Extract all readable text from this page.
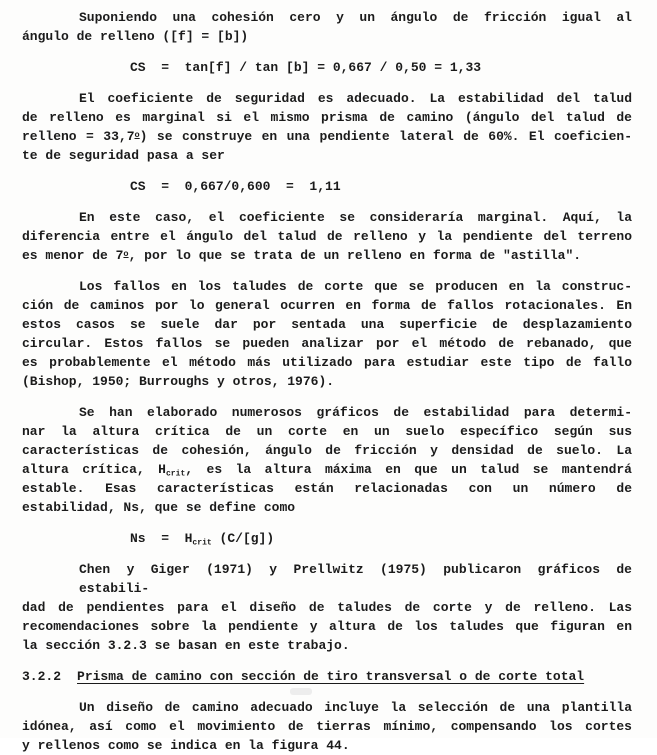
Suponiendo una cohesión cero y un ángulo de fricción igual al
ángulo de relleno ([f] = [b])
CS  =  tan[f] / tan [b] = 0,667 / 0,50 = 1,33
El coeficiente de seguridad es adecuado. La estabilidad del talud
de relleno es marginal si el mismo prisma de camino (ángulo del talud de
relleno = $33,7^o$) se construye en una pendiente lateral de 60%. El coeficien-
te de seguridad pasa a ser
CS  =  0,667/0,600  =  1,11
En este caso, el coeficiente se consideraría marginal. Aquí, la
diferencia entre el ángulo del talud de relleno y la pendiente del terreno
es menor de 7$^o$, por lo que se trata de un relleno en forma de "astilla".
Los fallos en los taludes de corte que se producen en la construc-
ción de caminos por lo general ocurren en forma de fallos rotacionales. En
estos casos se suele dar por sentada una superficie de desplazamiento
circular. Estos fallos se pueden analizar por el método de rebanado, que
es probablemente el método más utilizado para estudiar este tipo de fallo
(Bishop, 1950; Burroughs y otros, 1976).
Se han elaborado numerosos gráficos de estabilidad para determi-
nar la altura crítica de un corte en un suelo específico según sus
características de cohesión, ángulo de fricción y densidad de suelo. La
altura crítica, $H_{crit}$, es la altura máxima en que un talud se mantendrá
estable. Esas características están relacionadas con un número de
estabilidad, Ns, que se define como
$Ns = H_{crit}$ (C/[g])
Chen y Giger (1971) y Prellwitz (1975) publicaron gráficos de estabili-
dad de pendientes para el diseño de taludes de corte y de relleno. Las
recomendaciones sobre la pendiente y altura de los taludes que figuran en
la sección 3.2.3 se basan en este trabajo.
3.2.2 Prisma de camino con sección de tiro transversal o de corte total
Un diseño de camino adecuado incluye la selección de una plantilla
idónea, así como el movimiento de tierras mínimo, compensando los cortes
y rellenos como se indica en la figura 44.
